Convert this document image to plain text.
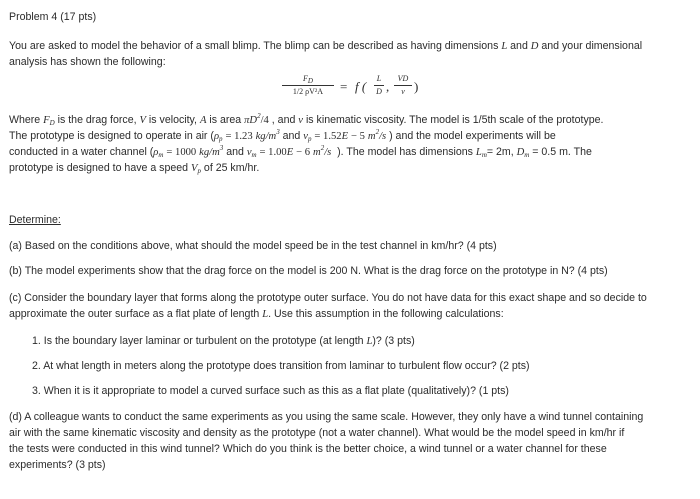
Problem 4 (17 pts)
You are asked to model the behavior of a small blimp. The blimp can be described as having dimensions L and D and your dimensional
analysis has shown the following:
$F_D$
1/2 ρV²A	= f (
L
D ,
VD
ν )
Where $F_D$ is the drag force, V is velocity, A is area $\pi D^2/4$ , and ν is kinematic viscosity. The model is 1/5th scale of the prototype.
The prototype is designed to operate in air ($\rho_p = 1.23$ $kg/m^3$ and $\nu_p = 1.52E - 5$ $m^2/s$ ) and the model experiments will be
conducted in a water channel ($\rho_m = 1000$ $kg/m^3$ and $\nu_m = 1.00E - 6$ $m^2/s$  ). The model has dimensions $L_m= 2m$, $D_m = 0.5$ m. The
prototype is designed to have a speed $V_p$ of 25 km/hr.
Determine:
(a) Based on the conditions above, what should the model speed be in the test channel in km/hr? (4 pts)
(b) The model experiments show that the drag force on the model is 200 N. What is the drag force on the prototype in N? (4 pts)
(c) Consider the boundary layer that forms along the prototype outer surface. You do not have data for this exact shape and so decide to
approximate the outer surface as a flat plate of length L. Use this assumption in the following calculations:
1. Is the boundary layer laminar or turbulent on the prototype (at length L)? (3 pts)
2. At what length in meters along the prototype does transition from laminar to turbulent flow occur? (2 pts)
3. When it is it appropriate to model a curved surface such as this as a flat plate (qualitatively)? (1 pts)
(d) A colleague wants to conduct the same experiments as you using the same scale. However, they only have a wind tunnel containing
air with the same kinematic viscosity and density as the prototype (not a water channel). What would be the model speed in km/hr if
the tests were conducted in this wind tunnel? Which do you think is the better choice, a wind tunnel or a water channel for these
experiments? (3 pts)
